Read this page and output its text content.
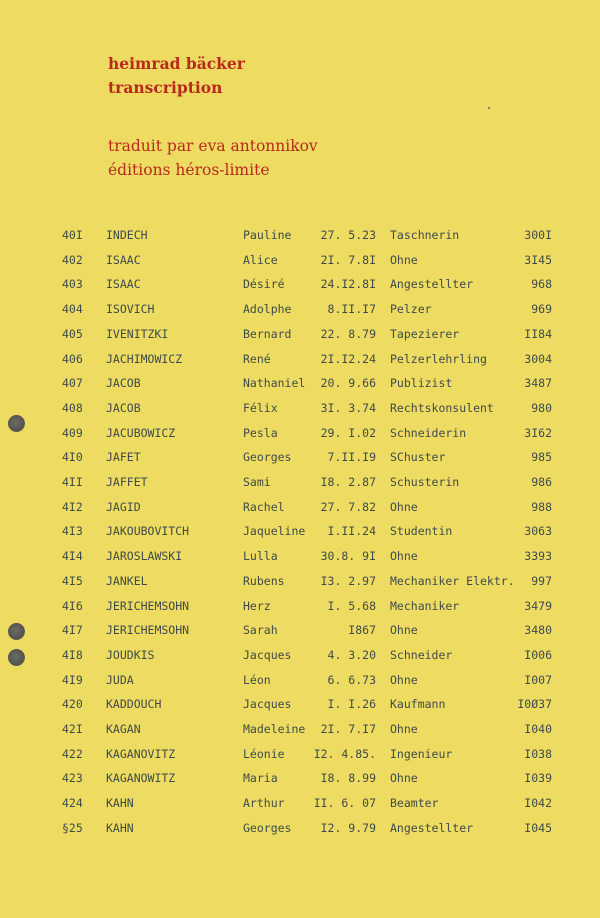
heimrad bäcker
transcription
traduit par eva antonnikov
éditions héros-limite
40I INDECH	Pauline	27. 5.23 Taschnerin	300I
402 ISAAC	Alice	2I. 7.8I Ohne	3I45
403 ISAAC	Désiré	24.I2.8I Angestellter	968
404 ISOVICH	Adolphe	8.II.I7 Pelzer	969
405 IVENITZKI	Bernard	22. 8.79 Tapezierer	II84
406 JACHIMOWICZ	René	2I.I2.24 Pelzerlehrling	3004
407 JACOB	Nathaniel 20. 9.66 Publizist	3487
408 JACOB	Félix	3I. 3.74 Rechtskonsulent	980
409 JACUBOWICZ	Pesla	29. I.02 Schneiderin	3I62
4I0 JAFET	Georges	7.II.I9 SChuster	985
4II JAFFET	Sami	I8. 2.87 Schusterin	986
4I2 JAGID	Rachel	27. 7.82 Ohne	988
4I3 JAKOUBOVITCH	Jaqueline I.II.24 Studentin	3063
4I4 JAROSLAWSKI	Lulla	30.8. 9I Ohne	3393
4I5 JANKEL	Rubens	I3. 2.97 Mechaniker Elektr. 997
4I6 JERICHEMSOHN	Herz	I. 5.68 Mechaniker	3479
4I7 JERICHEMSOHN	Sarah	I867 Ohne	3480
4I8 JOUDKIS	Jacques	4. 3.20 Schneider	I006
4I9 JUDA	Léon	6. 6.73 Ohne	I007
420 KADDOUCH	Jacques	I. I.26 Kaufmann	I0Ø37
42I KAGAN	Madeleine 2I. 7.I7 Ohne	I040
422 KAGANOVITZ	Léonie	I2. 4.85. Ingenieur	I038
423 KAGANOWITZ	Maria	I8. 8.99 Ohne	I039
424 KAHN	Arthur	II. 6. 07 Beamter	I042
§25 KAHN	Georges	I2. 9.79 Angestellter	I045
